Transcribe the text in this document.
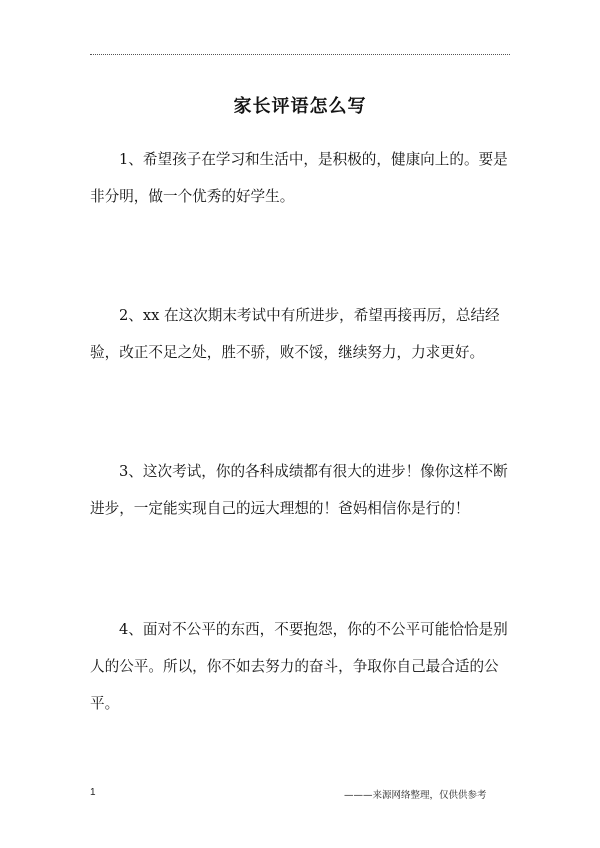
家长评语怎么写

1、希望孩子在学习和生活中，是积极的，健康向上的。要是非分明，做一个优秀的好学生。

2、xx 在这次期末考试中有所进步，希望再接再厉，总结经验，改正不足之处，胜不骄，败不馁，继续努力，力求更好。

3、这次考试，你的各科成绩都有很大的进步！像你这样不断进步，一定能实现自己的远大理想的！爸妈相信你是行的！

4、面对不公平的东西，不要抱怨，你的不公平可能恰恰是别人的公平。所以，你不如去努力的奋斗，争取你自己最合适的公平。

1	———来源网络整理，仅供供参考
